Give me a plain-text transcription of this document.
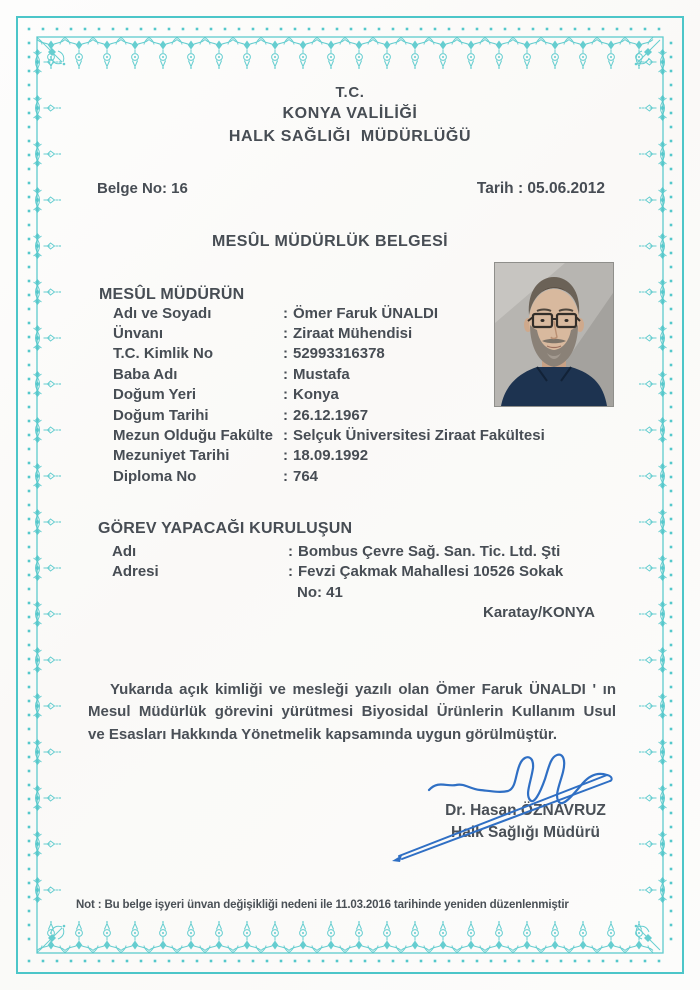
T.C.
KONYA VALİLİĞİ
HALK SAĞLIĞI  MÜDÜRLÜĞÜ
Belge No: 16	Tarih : 05.06.2012
MESÛL MÜDÜRLÜK BELGESİ
MESÛL MÜDÜRÜN
Adı ve Soyadı	: Ömer Faruk ÜNALDI
Ünvanı	: Ziraat Mühendisi
T.C. Kimlik No	: 52993316378
Baba Adı	: Mustafa
Doğum Yeri	: Konya
Doğum Tarihi	: 26.12.1967
Mezun Olduğu Fakülte : Selçuk Üniversitesi Ziraat Fakültesi
Mezuniyet Tarihi	: 18.09.1992
Diploma No	: 764
GÖREV YAPACAĞI KURULUŞUN
Adı	: Bombus Çevre Sağ. San. Tic. Ltd. Şti
Adresi	: Fevzi Çakmak Mahallesi 10526 Sokak
No: 41
Karatay/KONYA
Yukarıda açık kimliği ve mesleği yazılı olan Ömer Faruk ÜNALDI ' ın
Mesul Müdürlük görevini yürütmesi Biyosidal Ürünlerin Kullanım Usul
ve Esasları Hakkında Yönetmelik kapsamında uygun görülmüştür.
Dr. Hasan ÖZNAVRUZ
Halk Sağlığı Müdürü
Not : Bu belge işyeri ünvan değişikliği nedeni ile 11.03.2016 tarihinde yeniden düzenlenmiştir
